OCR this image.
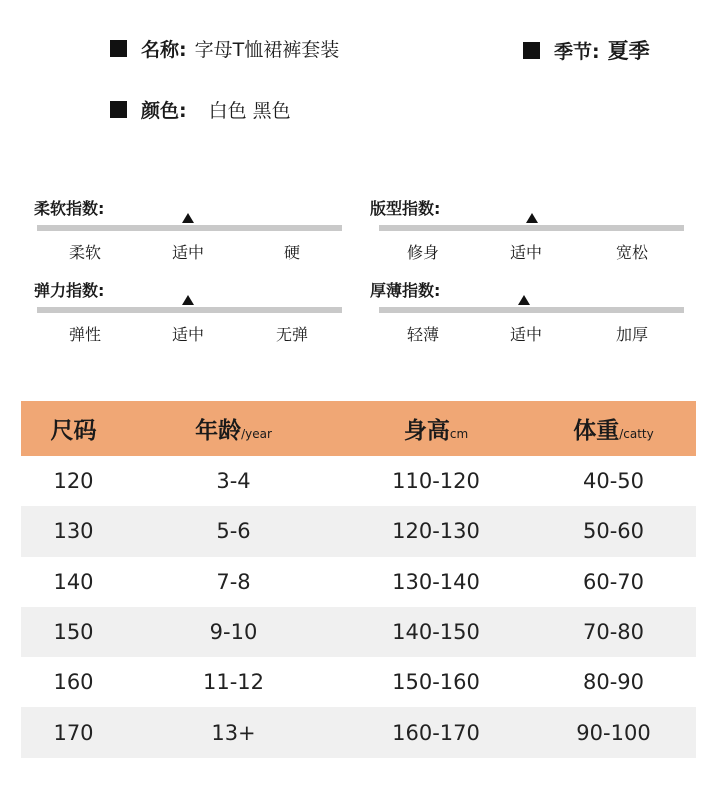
名称: 字母T恤裙裤套装	季节: 夏季
颜色: 白色 黑色
柔软指数:
柔软	适中	硬
版型指数:
修身	适中	宽松
弹力指数:
弹性	适中	无弹
厚薄指数:
轻薄	适中	加厚
尺码	年龄/year	身高cm	体重/catty
120	3-4	110-120	40-50
130	5-6	120-130	50-60
140	7-8	130-140	60-70
150	9-10	140-150	70-80
160	11-12	150-160	80-90
170	13+	160-170	90-100
